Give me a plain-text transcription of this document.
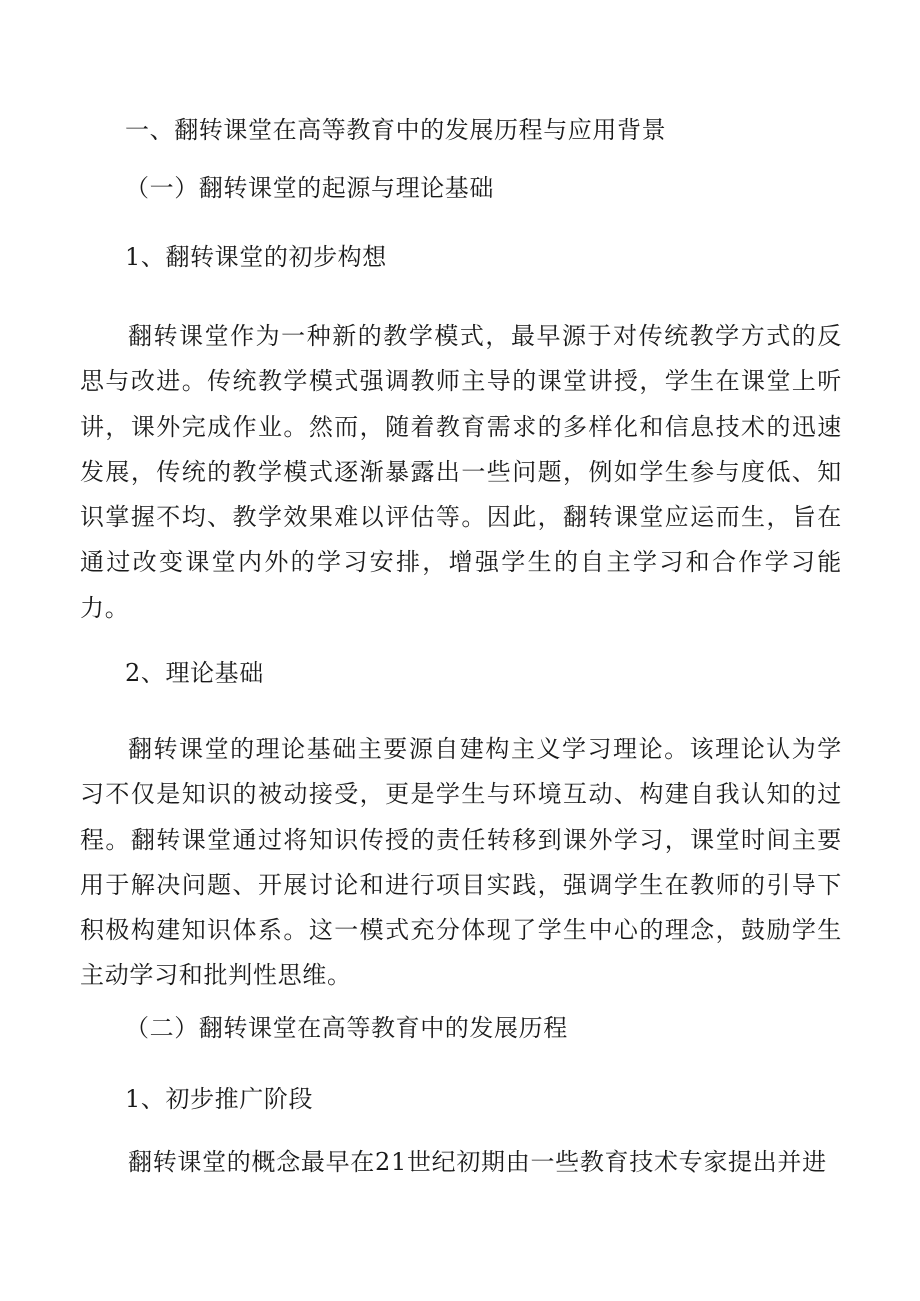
一、翻转课堂在高等教育中的发展历程与应用背景
（一）翻转课堂的起源与理论基础
1、翻转课堂的初步构想

翻转课堂作为一种新的教学模式，最早源于对传统教学方式的反思与改进。传统教学模式强调教师主导的课堂讲授，学生在课堂上听讲，课外完成作业。然而，随着教育需求的多样化和信息技术的迅速发展，传统的教学模式逐渐暴露出一些问题，例如学生参与度低、知识掌握不均、教学效果难以评估等。因此，翻转课堂应运而生，旨在通过改变课堂内外的学习安排，增强学生的自主学习和合作学习能力。

2、理论基础

翻转课堂的理论基础主要源自建构主义学习理论。该理论认为学习不仅是知识的被动接受，更是学生与环境互动、构建自我认知的过程。翻转课堂通过将知识传授的责任转移到课外学习，课堂时间主要用于解决问题、开展讨论和进行项目实践，强调学生在教师的引导下积极构建知识体系。这一模式充分体现了学生中心的理念，鼓励学生主动学习和批判性思维。

（二）翻转课堂在高等教育中的发展历程
1、初步推广阶段

翻转课堂的概念最早在21世纪初期由一些教育技术专家提出并进
